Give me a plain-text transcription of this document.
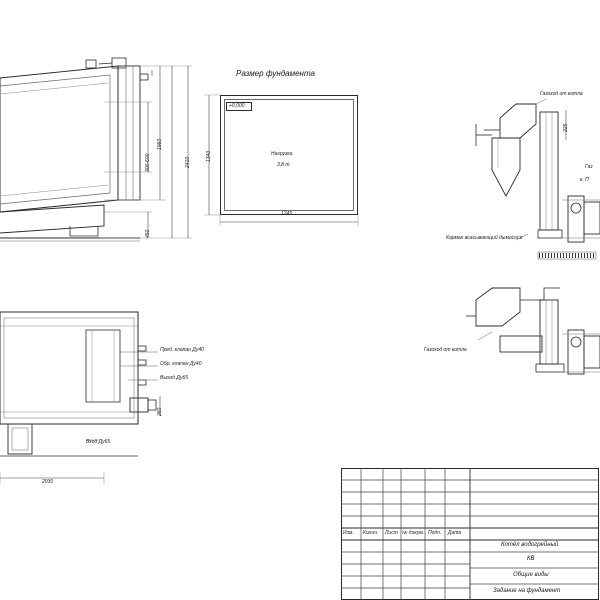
300-600
1960
2410
450
Размер фундамента
+0,000
Нагрузка
3,8 т
1745
1340
Газоход от котла
225
Газ
к. П
Карман всасывающий дымососа
Газоход от котла
Пред. клапан Ду40
Обр. клапан Ду40
Выход Ду65
Вход Ду65
2030
260
Изм. Колич. Лист № докум. Подп. Дата
Котёл водогрейный
КВ
Общие виды
Задание на фундамент
